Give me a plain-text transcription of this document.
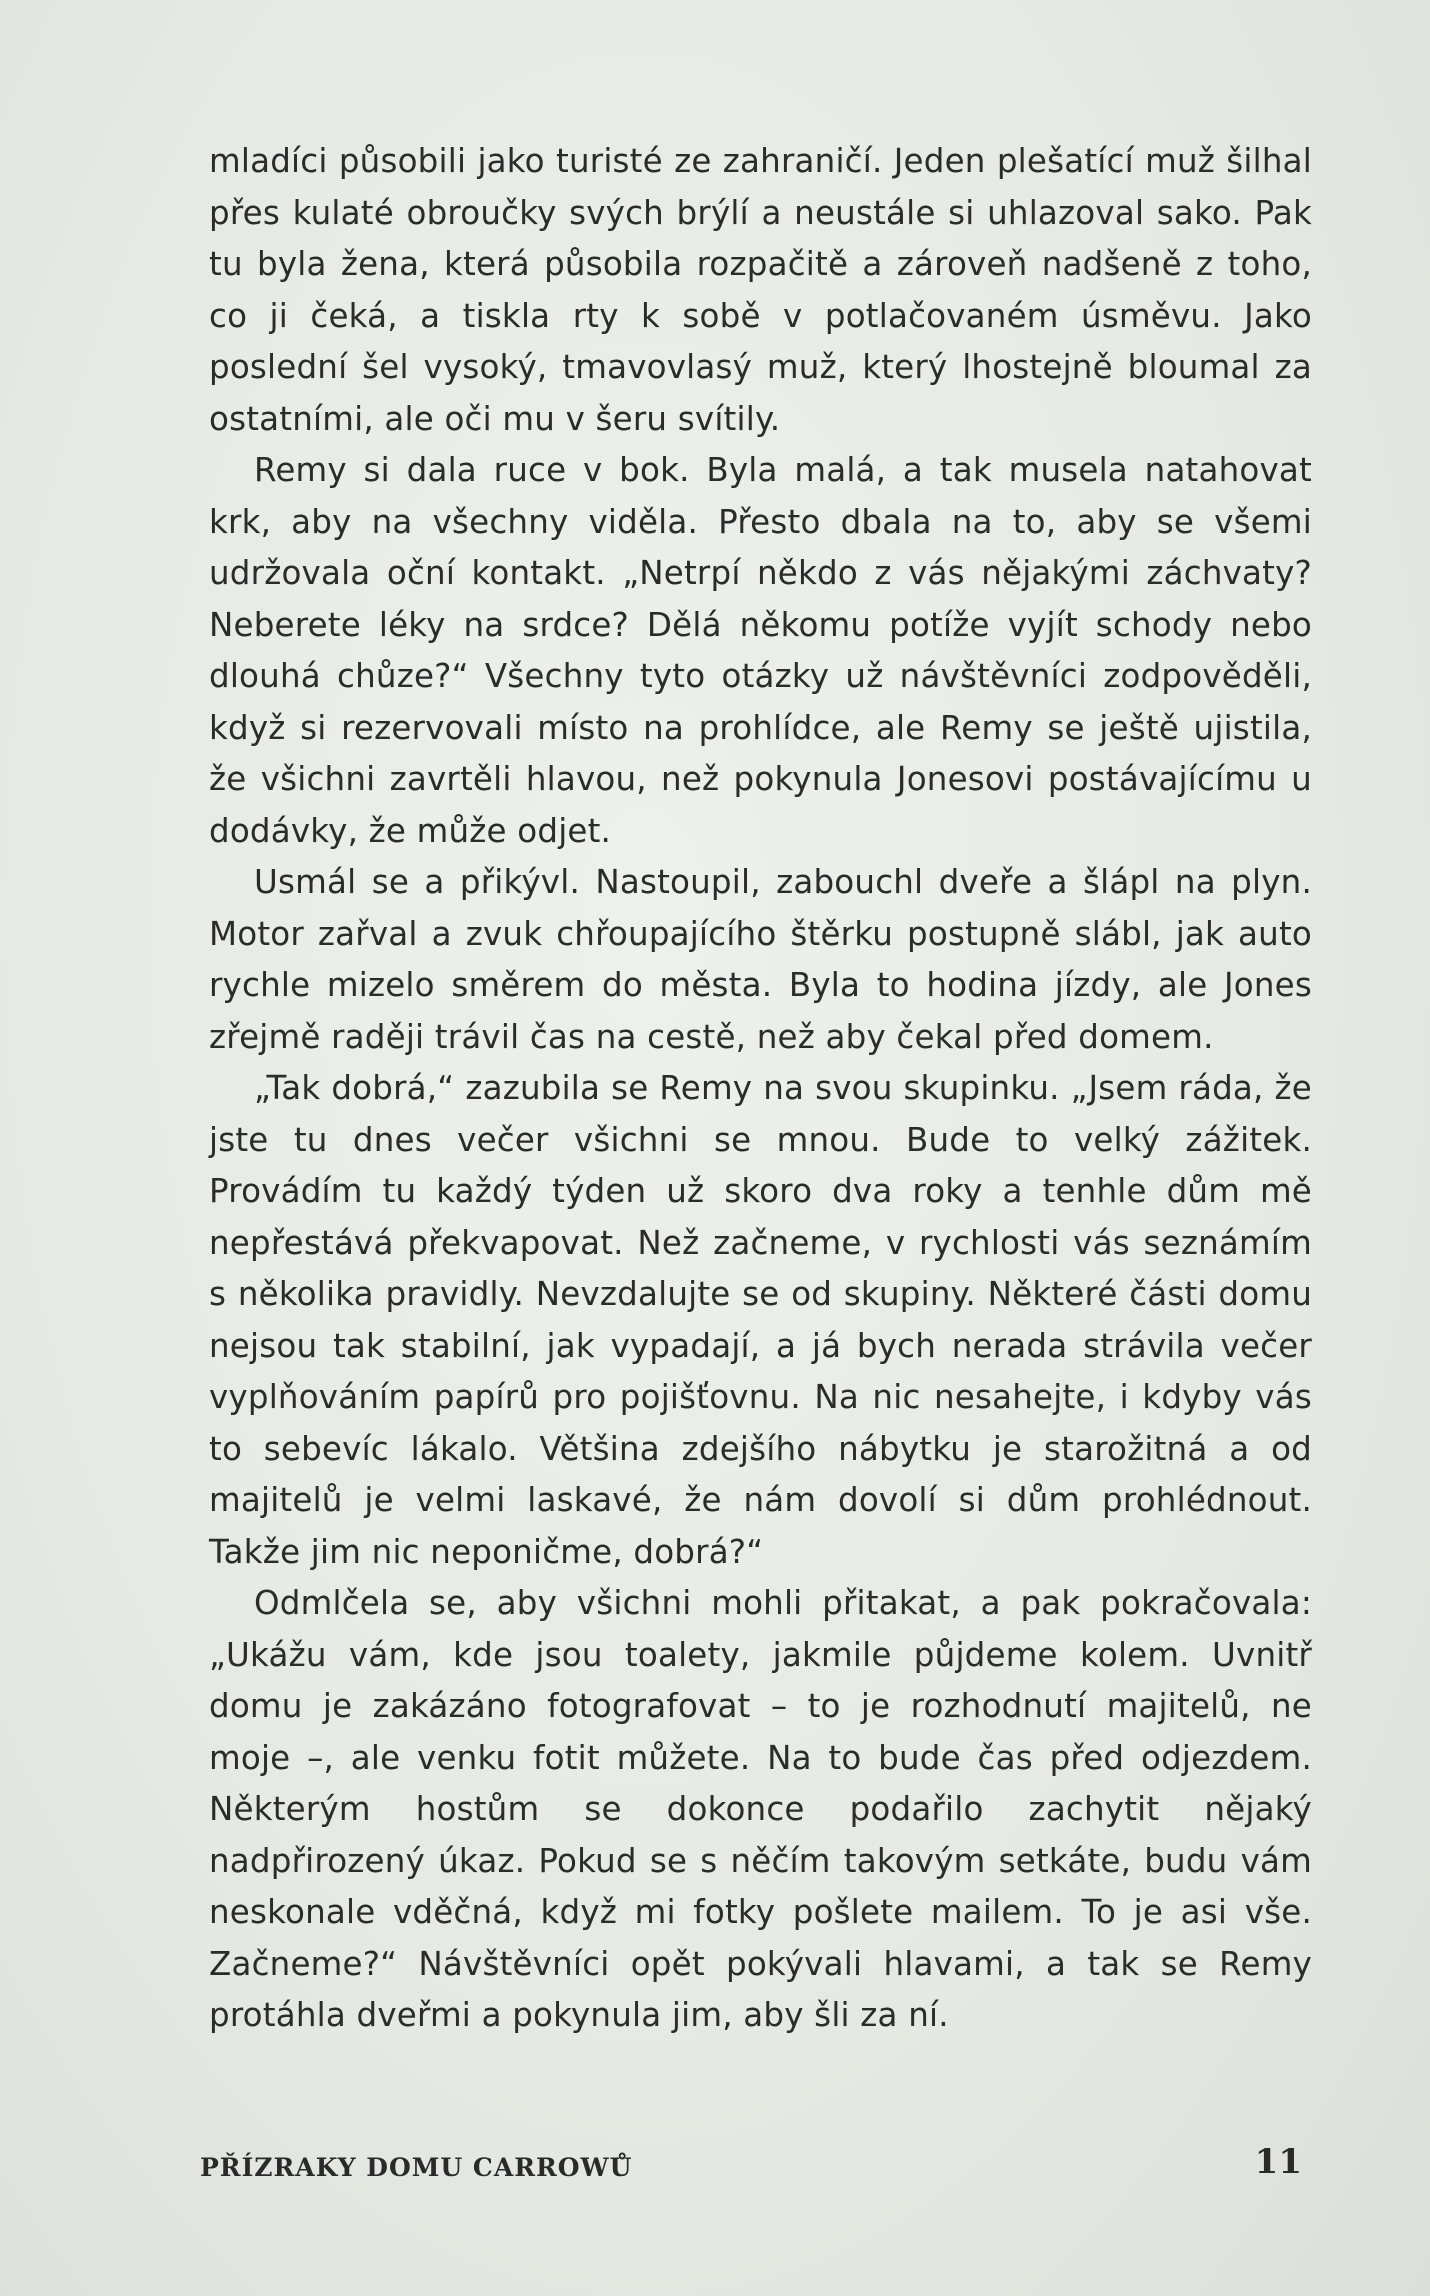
mladíci působili jako turisté ze zahraničí. Jeden plešatící muž šilhal přes kulaté obroučky svých brýlí a neustále si uhlazoval sako. Pak tu byla žena, která působila rozpačitě a zároveň nadšeně z toho, co ji čeká, a tiskla rty k sobě v potlačovaném úsměvu. Jako poslední šel vysoký, tmavovlasý muž, který lhostejně bloumal za ostatními, ale oči mu v šeru svítily.

Remy si dala ruce v bok. Byla malá, a tak musela natahovat krk, aby na všechny viděla. Přesto dbala na to, aby se všemi udržovala oční kontakt. „Netrpí někdo z vás nějakými záchvaty? Neberete léky na srdce? Dělá někomu potíže vyjít schody nebo dlouhá chůze?“ Všechny tyto otázky už návštěvníci zodpověděli, když si rezervovali místo na prohlídce, ale Remy se ještě ujistila, že všichni zavrtěli hlavou, než pokynula Jonesovi postávajícímu u dodávky, že může odjet.

Usmál se a přikývl. Nastoupil, zabouchl dveře a šlápl na plyn. Motor zařval a zvuk chřoupajícího štěrku postupně slábl, jak auto rychle mizelo směrem do města. Byla to hodina jízdy, ale Jones zřejmě raději trávil čas na cestě, než aby čekal před domem.

„Tak dobrá,“ zazubila se Remy na svou skupinku. „Jsem ráda, že jste tu dnes večer všichni se mnou. Bude to velký zážitek. Provádím tu každý týden už skoro dva roky a tenhle dům mě nepřestává překvapovat. Než začneme, v rychlosti vás seznámím s několika pravidly. Nevzdalujte se od skupiny. Některé části domu nejsou tak stabilní, jak vypadají, a já bych nerada strávila večer vyplňováním papírů pro pojišťovnu. Na nic nesahejte, i kdyby vás to sebevíc lákalo. Většina zdejšího nábytku je starožitná a od majitelů je velmi laskavé, že nám dovolí si dům prohlédnout. Takže jim nic neponičme, dobrá?“

Odmlčela se, aby všichni mohli přitakat, a pak pokračovala: „Ukážu vám, kde jsou toalety, jakmile půjdeme kolem. Uvnitř domu je zakázáno fotografovat – to je rozhodnutí majitelů, ne moje –, ale venku fotit můžete. Na to bude čas před odjezdem. Některým hostům se dokonce podařilo zachytit nějaký nadpřirozený úkaz. Pokud se s něčím takovým setkáte, budu vám neskonale vděčná, když mi fotky pošlete mailem. To je asi vše. Začneme?“ Návštěvníci opět pokývali hlavami, a tak se Remy protáhla dveřmi a pokynula jim, aby šli za ní.

PŘÍZRAKY DOMU CARROWŮ	11
